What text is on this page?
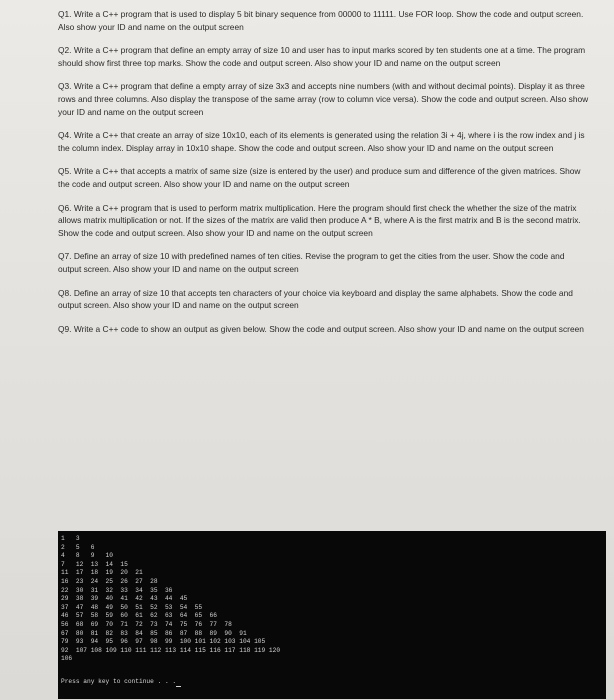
Q1. Write a C++ program that is used to display 5 bit binary sequence from 00000 to 11111. Use FOR loop. Show the code and output screen. Also show your ID and name on the output screen

Q2. Write a C++ program that define an empty array of size 10 and user has to input marks scored by ten students one at a time. The program should show first three top marks. Show the code and output screen. Also show your ID and name on the output screen

Q3. Write a C++ program that define a empty array of size 3x3 and accepts nine numbers (with and without decimal points). Display it as three rows and three columns. Also display the transpose of the same array (row to column vice versa). Show the code and output screen. Also show your ID and name on the output screen

Q4. Write a C++ that create an array of size 10x10, each of its elements is generated using the relation 3i + 4j, where i is the row index and j is the column index. Display array in 10x10 shape. Show the code and output screen. Also show your ID and name on the output screen

Q5. Write a C++ that accepts a matrix of same size (size is entered by the user) and produce sum and difference of the given matrices. Show the code and output screen. Also show your ID and name on the output screen

Q6. Write a C++ program that is used to perform matrix multiplication. Here the program should first check the whether the size of the matrix allows matrix multiplication or not. If the sizes of the matrix are valid then produce A * B, where A is the first matrix and B is the second matrix. Show the code and output screen. Also show your ID and name on the output screen

Q7. Define an array of size 10 with predefined names of ten cities. Revise the program to get the cities from the user. Show the code and output screen. Also show your ID and name on the output screen

Q8. Define an array of size 10 that accepts ten characters of your choice via keyboard and display the same alphabets. Show the code and output screen. Also show your ID and name on the output screen

Q9. Write a C++ code to show an output as given below. Show the code and output screen. Also show your ID and name on the output screen

1   3
2   5   6
4   8   9   10
7   12  13  14  15
11  17  18  19  20  21
16  23  24  25  26  27  28
22  30  31  32  33  34  35  36
29  38  39  40  41  42  43  44  45
37  47  48  49  50  51  52  53  54  55
46  57  58  59  60  61  62  63  64  65  66
56  68  69  70  71  72  73  74  75  76  77  78
67  80  81  82  83  84  85  86  87  88  89  90  91
79  93  94  95  96  97  98  99  100 101 102 103 104 105
92  107 108 109 110 111 112 113 114 115 116 117 118 119 120
106
Press any key to continue . . .
